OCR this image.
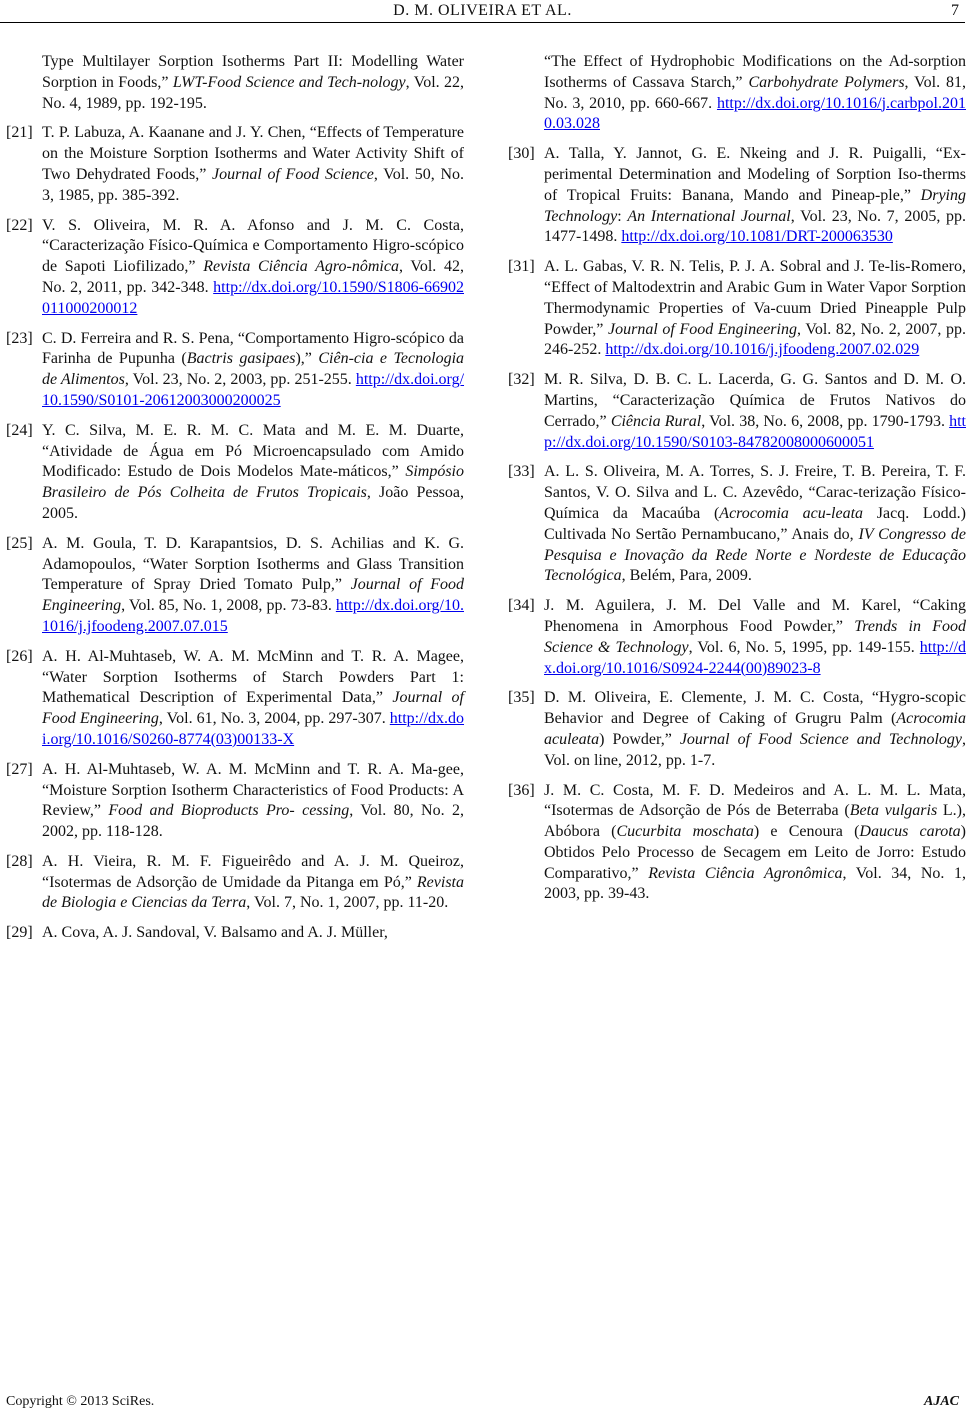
D. M. OLIVEIRA ET AL.	7
Type Multilayer Sorption Isotherms Part II: Modelling Water Sorption in Foods,” LWT-Food Science and Tech-nology, Vol. 22, No. 4, 1989, pp. 192-195.
[21] T. P. Labuza, A. Kaanane and J. Y. Chen, “Effects of Temperature on the Moisture Sorption Isotherms and Water Activity Shift of Two Dehydrated Foods,” Journal of Food Science, Vol. 50, No. 3, 1985, pp. 385-392.
[22] V. S. Oliveira, M. R. A. Afonso and J. M. C. Costa, “Caracterização Físico-Química e Comportamento Higro-scópico de Sapoti Liofilizado,” Revista Ciência Agro-nômica, Vol. 42, No. 2, 2011, pp. 342-348. http://dx.doi.org/10.1590/S1806-66902011000200012
[23] C. D. Ferreira and R. S. Pena, “Comportamento Higro-scópico da Farinha de Pupunha (Bactris gasipaes),” Ciên-cia e Tecnologia de Alimentos, Vol. 23, No. 2, 2003, pp. 251-255. http://dx.doi.org/10.1590/S0101-20612003000200025
[24] Y. C. Silva, M. E. R. M. C. Mata and M. E. M. Duarte, “Atividade de Água em Pó Microencapsulado com Amido Modificado: Estudo de Dois Modelos Mate-máticos,” Simpósio Brasileiro de Pós Colheita de Frutos Tropicais, João Pessoa, 2005.
[25] A. M. Goula, T. D. Karapantsios, D. S. Achilias and K. G. Adamopoulos, “Water Sorption Isotherms and Glass Transition Temperature of Spray Dried Tomato Pulp,” Journal of Food Engineering, Vol. 85, No. 1, 2008, pp. 73-83. http://dx.doi.org/10.1016/j.jfoodeng.2007.07.015
[26] A. H. Al-Muhtaseb, W. A. M. McMinn and T. R. A. Magee, “Water Sorption Isotherms of Starch Powders Part 1: Mathematical Description of Experimental Data,” Journal of Food Engineering, Vol. 61, No. 3, 2004, pp. 297-307. http://dx.doi.org/10.1016/S0260-8774(03)00133-X
[27] A. H. Al-Muhtaseb, W. A. M. McMinn and T. R. A. Ma-gee, “Moisture Sorption Isotherm Characteristics of Food Products: A Review,” Food and Bioproducts Pro- cessing, Vol. 80, No. 2, 2002, pp. 118-128.
[28] A. H. Vieira, R. M. F. Figueirêdo and A. J. M. Queiroz, “Isotermas de Adsorção de Umidade da Pitanga em Pó,” Revista de Biologia e Ciencias da Terra, Vol. 7, No. 1, 2007, pp. 11-20.
[29] A. Cova, A. J. Sandoval, V. Balsamo and A. J. Müller,
“The Effect of Hydrophobic Modifications on the Ad-sorption Isotherms of Cassava Starch,” Carbohydrate Polymers, Vol. 81, No. 3, 2010, pp. 660-667. http://dx.doi.org/10.1016/j.carbpol.2010.03.028
[30] A. Talla, Y. Jannot, G. E. Nkeing and J. R. Puigalli, “Ex-perimental Determination and Modeling of Sorption Iso-therms of Tropical Fruits: Banana, Mando and Pineap-ple,” Drying Technology: An International Journal, Vol. 23, No. 7, 2005, pp. 1477-1498. http://dx.doi.org/10.1081/DRT-200063530
[31] A. L. Gabas, V. R. N. Telis, P. J. A. Sobral and J. Te-lis-Romero, “Effect of Maltodextrin and Arabic Gum in Water Vapor Sorption Thermodynamic Properties of Va-cuum Dried Pineapple Pulp Powder,” Journal of Food Engineering, Vol. 82, No. 2, 2007, pp. 246-252. http://dx.doi.org/10.1016/j.jfoodeng.2007.02.029
[32] M. R. Silva, D. B. C. L. Lacerda, G. G. Santos and D. M. O. Martins, “Caracterização Química de Frutos Nativos do Cerrado,” Ciência Rural, Vol. 38, No. 6, 2008, pp. 1790-1793. http://dx.doi.org/10.1590/S0103-84782008000600051
[33] A. L. S. Oliveira, M. A. Torres, S. J. Freire, T. B. Pereira, T. F. Santos, V. O. Silva and L. C. Azevêdo, “Carac-terização Físico-Química da Macaúba (Acrocomia acu-leata Jacq. Lodd.) Cultivada No Sertão Pernambucano,” Anais do, IV Congresso de Pesquisa e Inovação da Rede Norte e Nordeste de Educação Tecnológica, Belém, Para, 2009.
[34] J. M. Aguilera, J. M. Del Valle and M. Karel, “Caking Phenomena in Amorphous Food Powder,” Trends in Food Science & Technology, Vol. 6, No. 5, 1995, pp. 149-155. http://dx.doi.org/10.1016/S0924-2244(00)89023-8
[35] D. M. Oliveira, E. Clemente, J. M. C. Costa, “Hygro-scopic Behavior and Degree of Caking of Grugru Palm (Acrocomia aculeata) Powder,” Journal of Food Science and Technology, Vol. on line, 2012, pp. 1-7.
[36] J. M. C. Costa, M. F. D. Medeiros and A. L. M. L. Mata, “Isotermas de Adsorção de Pós de Beterraba (Beta vulgaris L.), Abóbora (Cucurbita moschata) e Cenoura (Daucus carota) Obtidos Pelo Processo de Secagem em Leito de Jorro: Estudo Comparativo,” Revista Ciência Agronômica, Vol. 34, No. 1, 2003, pp. 39-43.
Copyright © 2013 SciRes.	AJAC
